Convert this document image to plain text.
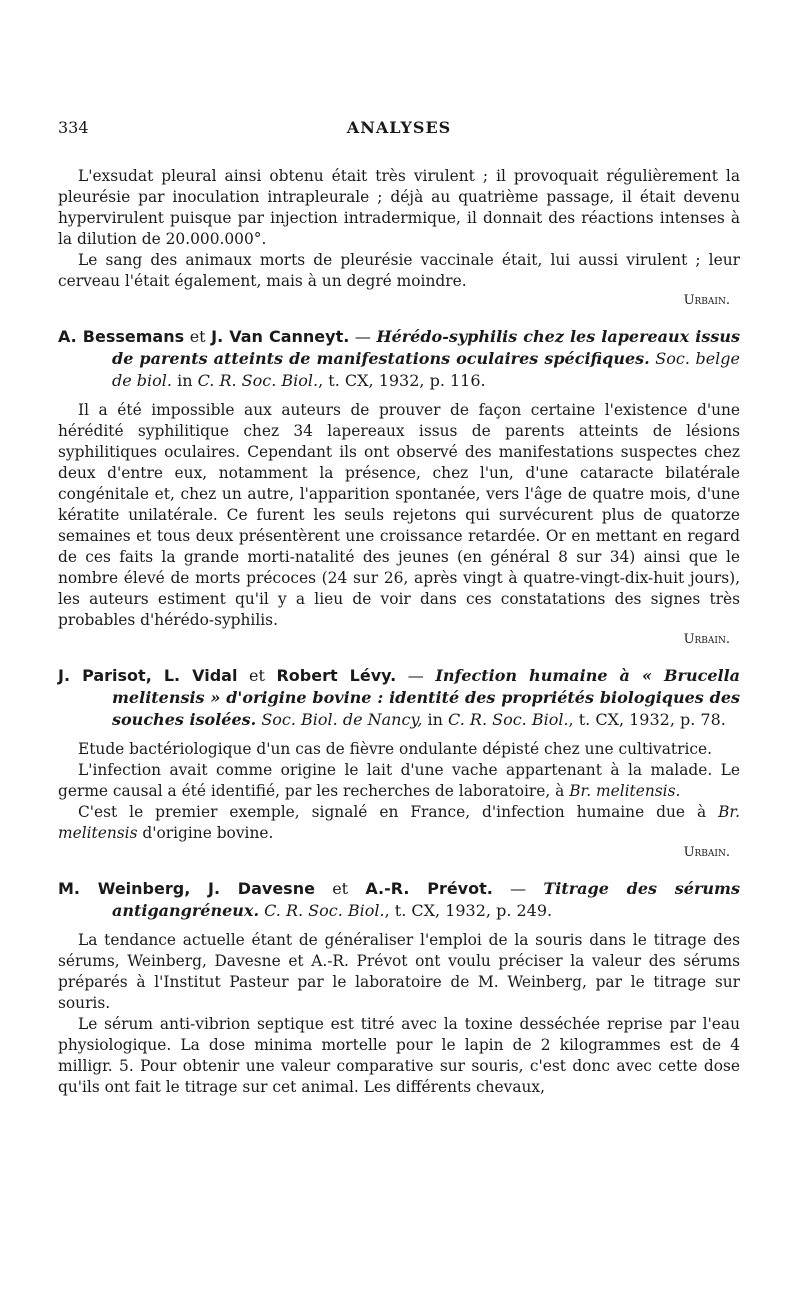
334	ANALYSES

L'exsudat pleural ainsi obtenu était très virulent ; il provoquait régulièrement la pleurésie par inoculation intrapleurale ; déjà au quatrième passage, il était devenu hypervirulent puisque par injection intradermique, il donnait des réactions intenses à la dilution de 20.000.000°.

Le sang des animaux morts de pleurésie vaccinale était, lui aussi virulent ; leur cerveau l'était également, mais à un degré moindre.

Urbain.
A. Bessemans et J. Van Canneyt. — Hérédo-syphilis chez les lapereaux issus de parents atteints de manifestations oculaires spécifiques. Soc. belge de biol. in C. R. Soc. Biol., t. CX, 1932, p. 116.

Il a été impossible aux auteurs de prouver de façon certaine l'existence d'une hérédité syphilitique chez 34 lapereaux issus de parents atteints de lésions syphilitiques oculaires. Cependant ils ont observé des manifestations suspectes chez deux d'entre eux, notamment la présence, chez l'un, d'une cataracte bilatérale congénitale et, chez un autre, l'apparition spontanée, vers l'âge de quatre mois, d'une kératite unilatérale. Ce furent les seuls rejetons qui survécurent plus de quatorze semaines et tous deux présentèrent une croissance retardée. Or en mettant en regard de ces faits la grande morti-natalité des jeunes (en général 8 sur 34) ainsi que le nombre élevé de morts précoces (24 sur 26, après vingt à quatre-vingt-dix-huit jours), les auteurs estiment qu'il y a lieu de voir dans ces constatations des signes très probables d'hérédo-syphilis.

Urbain.
J. Parisot, L. Vidal et Robert Lévy. — Infection humaine à « Brucella melitensis » d'origine bovine : identité des propriétés biologiques des souches isolées. Soc. Biol. de Nancy, in C. R. Soc. Biol., t. CX, 1932, p. 78.

Etude bactériologique d'un cas de fièvre ondulante dépisté chez une cultivatrice.

L'infection avait comme origine le lait d'une vache appartenant à la malade. Le germe causal a été identifié, par les recherches de laboratoire, à Br. melitensis.

C'est le premier exemple, signalé en France, d'infection humaine due à Br. melitensis d'origine bovine.

Urbain.
M. Weinberg, J. Davesne et A.-R. Prévot. — Titrage des sérums antigangréneux. C. R. Soc. Biol., t. CX, 1932, p. 249.

La tendance actuelle étant de généraliser l'emploi de la souris dans le titrage des sérums, Weinberg, Davesne et A.-R. Prévot ont voulu préciser la valeur des sérums préparés à l'Institut Pasteur par le laboratoire de M. Weinberg, par le titrage sur souris.

Le sérum anti-vibrion septique est titré avec la toxine desséchée reprise par l'eau physiologique. La dose minima mortelle pour le lapin de 2 kilogrammes est de 4 milligr. 5. Pour obtenir une valeur comparative sur souris, c'est donc avec cette dose qu'ils ont fait le titrage sur cet animal. Les différents chevaux,
